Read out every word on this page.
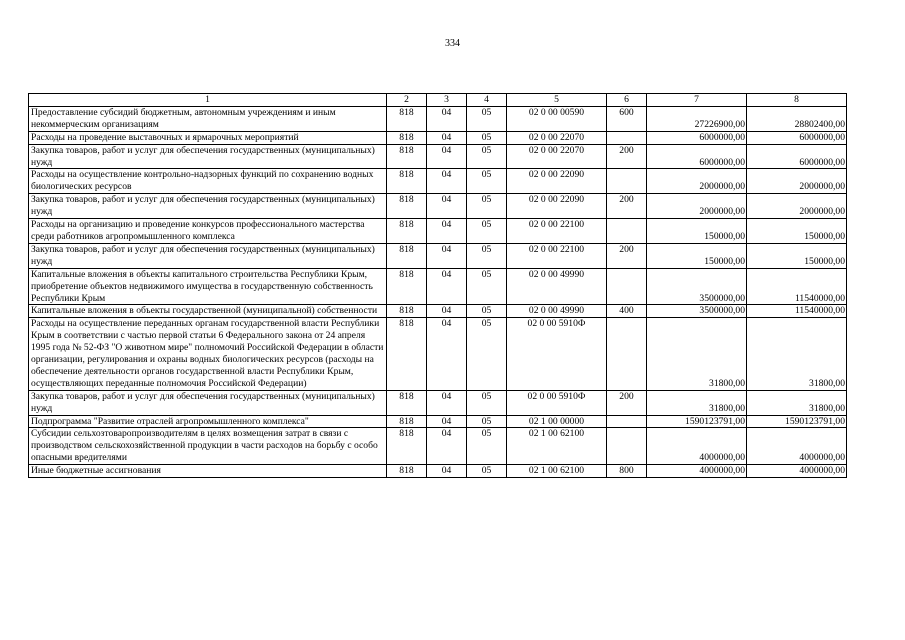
334
1	2	3	4	5	6	7	8
Предоставление субсидий бюджетным, автономным учреждениям и иным некоммерческим организациям	818	04	05	02 0 00 00590	600	27226900,00	28802400,00
Расходы на проведение выставочных и ярмарочных мероприятий	818	04	05	02 0 00 22070		6000000,00	6000000,00
Закупка товаров, работ и услуг для обеспечения государственных (муниципальных) нужд	818	04	05	02 0 00 22070	200	6000000,00	6000000,00
Расходы на осуществление контрольно-надзорных функций по сохранению водных биологических ресурсов	818	04	05	02 0 00 22090		2000000,00	2000000,00
Закупка товаров, работ и услуг для обеспечения государственных (муниципальных) нужд	818	04	05	02 0 00 22090	200	2000000,00	2000000,00
Расходы на организацию и проведение конкурсов профессионального мастерства среди работников агропромышленного комплекса	818	04	05	02 0 00 22100		150000,00	150000,00
Закупка товаров, работ и услуг для обеспечения государственных (муниципальных) нужд	818	04	05	02 0 00 22100	200	150000,00	150000,00
Капитальные вложения в объекты капитального строительства Республики Крым, приобретение объектов недвижимого имущества в государственную собственность Республики Крым	818	04	05	02 0 00 49990		3500000,00	11540000,00
Капитальные вложения в объекты государственной (муниципальной) собственности	818	04	05	02 0 00 49990	400	3500000,00	11540000,00
Расходы на осуществление переданных органам государственной власти Республики Крым в соответствии с частью первой статьи 6 Федерального закона от 24 апреля 1995 года № 52-ФЗ "О животном мире" полномочий Российской Федерации в области организации, регулирования и охраны водных биологических ресурсов (расходы на обеспечение деятельности органов государственной власти Республики Крым, осуществляющих переданные полномочия Российской Федерации)	818	04	05	02 0 00 5910Ф		31800,00	31800,00
Закупка товаров, работ и услуг для обеспечения государственных (муниципальных) нужд	818	04	05	02 0 00 5910Ф	200	31800,00	31800,00
Подпрограмма "Развитие отраслей агропромышленного комплекса"	818	04	05	02 1 00 00000		1590123791,00	1590123791,00
Субсидии сельхозтоваропроизводителям в целях возмещения затрат в связи с производством сельскохозяйственной продукции в части расходов на борьбу с особо опасными вредителями	818	04	05	02 1 00 62100		4000000,00	4000000,00
Иные бюджетные ассигнования	818	04	05	02 1 00 62100	800	4000000,00	4000000,00
